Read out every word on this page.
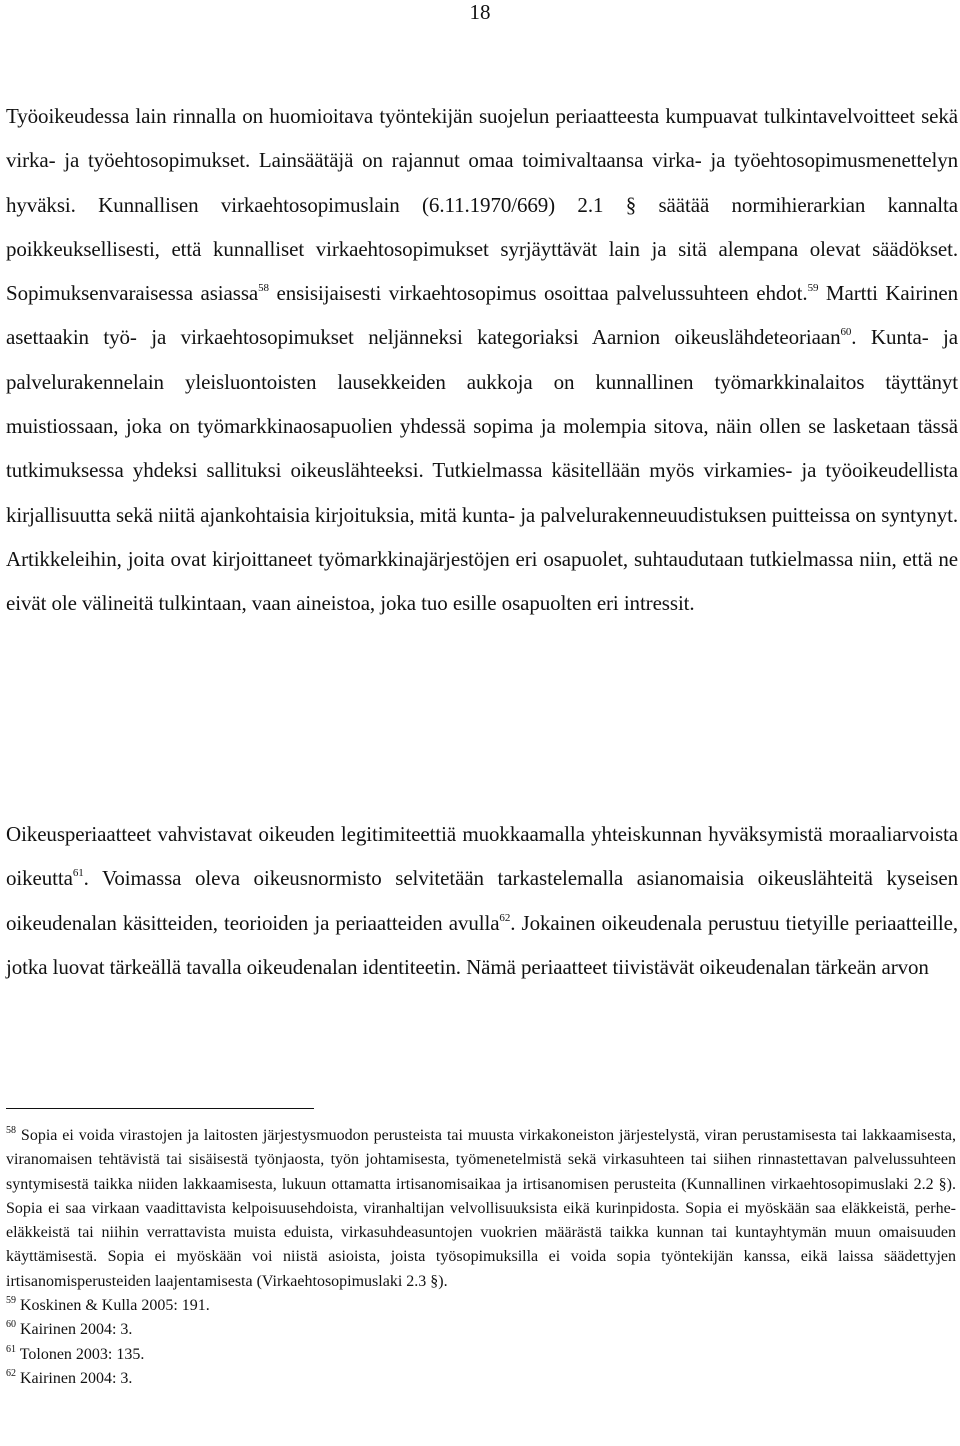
18

Työoikeudessa lain rinnalla on huomioitava työntekijän suojelun periaatteesta kumpuavat tulkintavelvoitteet sekä virka- ja työehtosopimukset. Lainsäätäjä on rajannut omaa toimivaltaansa virka- ja työehtosopimusmenettelyn hyväksi. Kunnallisen virkaehtosopimuslain (6.11.1970/669) 2.1 § säätää normihierarkian kannalta poikkeuksellisesti, että kunnalliset virkaehtosopimukset syrjäyttävät lain ja sitä alempana olevat säädökset. Sopimuksenvaraisessa asiassa$^{58}$ ensisijaisesti virkaehtosopimus osoittaa palvelussuhteen ehdot.$^{59}$ Martti Kairinen asettaakin työ- ja virkaehtosopimukset neljänneksi kategoriaksi Aarnion oikeuslähdeteoriaan$^{60}$. Kunta- ja palvelurakennelain yleisluontoisten lausekkeiden aukkoja on kunnallinen työmarkkinalaitos täyttänyt muistiossaan, joka on työmarkkinaosapuolien yhdessä sopima ja molempia sitova, näin ollen se lasketaan tässä tutkimuksessa yhdeksi sallituksi oikeuslähteeksi. Tutkielmassa käsitellään myös virkamies- ja työoikeudellista kirjallisuutta sekä niitä ajankohtaisia kirjoituksia, mitä kunta- ja palvelurakenneuudistuksen puitteissa on syntynyt. Artikkeleihin, joita ovat kirjoittaneet työmarkkinajärjestöjen eri osapuolet, suhtaudutaan tutkielmassa niin, että ne eivät ole välineitä tulkintaan, vaan aineistoa, joka tuo esille osapuolten eri intressit.

Oikeusperiaatteet vahvistavat oikeuden legitimiteettiä muokkaamalla yhteiskunnan hyväksymistä moraaliarvoista oikeutta$^{61}$. Voimassa oleva oikeusnormisto selvitetään tarkastelemalla asianomaisia oikeuslähteitä kyseisen oikeudenalan käsitteiden, teorioiden ja periaatteiden avulla$^{62}$. Jokainen oikeudenala perustuu tietyille periaatteille, jotka luovat tärkeällä tavalla oikeudenalan identiteetin. Nämä periaatteet tiivistävät oikeudenalan tärkeän arvon

$^{58}$ Sopia ei voida virastojen ja laitosten järjestysmuodon perusteista tai muusta virkakoneiston järjestelystä, viran perustamisesta tai lakkaamisesta, viranomaisen tehtävistä tai sisäisestä työnjaosta, työn johtamisesta, työmenetelmistä sekä virkasuhteen tai siihen rinnastettavan palvelussuhteen syntymisestä taikka niiden lakkaamisesta, lukuun ottamatta irtisanomisaikaa ja irtisanomisen perusteita (Kunnallinen virkaehtosopimuslaki 2.2 §). Sopia ei saa virkaan vaadittavista kelpoisuusehdoista, viranhaltijan velvollisuuksista eikä kurinpidosta. Sopia ei myöskään saa eläkkeistä, perhe-eläkkeistä tai niihin verrattavista muista eduista, virkasuhdeasuntojen vuokrien määrästä taikka kunnan tai kuntayhtymän muun omaisuuden käyttämisestä. Sopia ei myöskään voi niistä asioista, joista työsopimuksilla ei voida sopia työntekijän kanssa, eikä laissa säädettyjen irtisanomisperusteiden laajentamisesta (Virkaehtosopimuslaki 2.3 §).

$^{59}$ Koskinen & Kulla 2005: 191.

$^{60}$ Kairinen 2004: 3.

$^{61}$ Tolonen 2003: 135.

$^{62}$ Kairinen 2004: 3.
